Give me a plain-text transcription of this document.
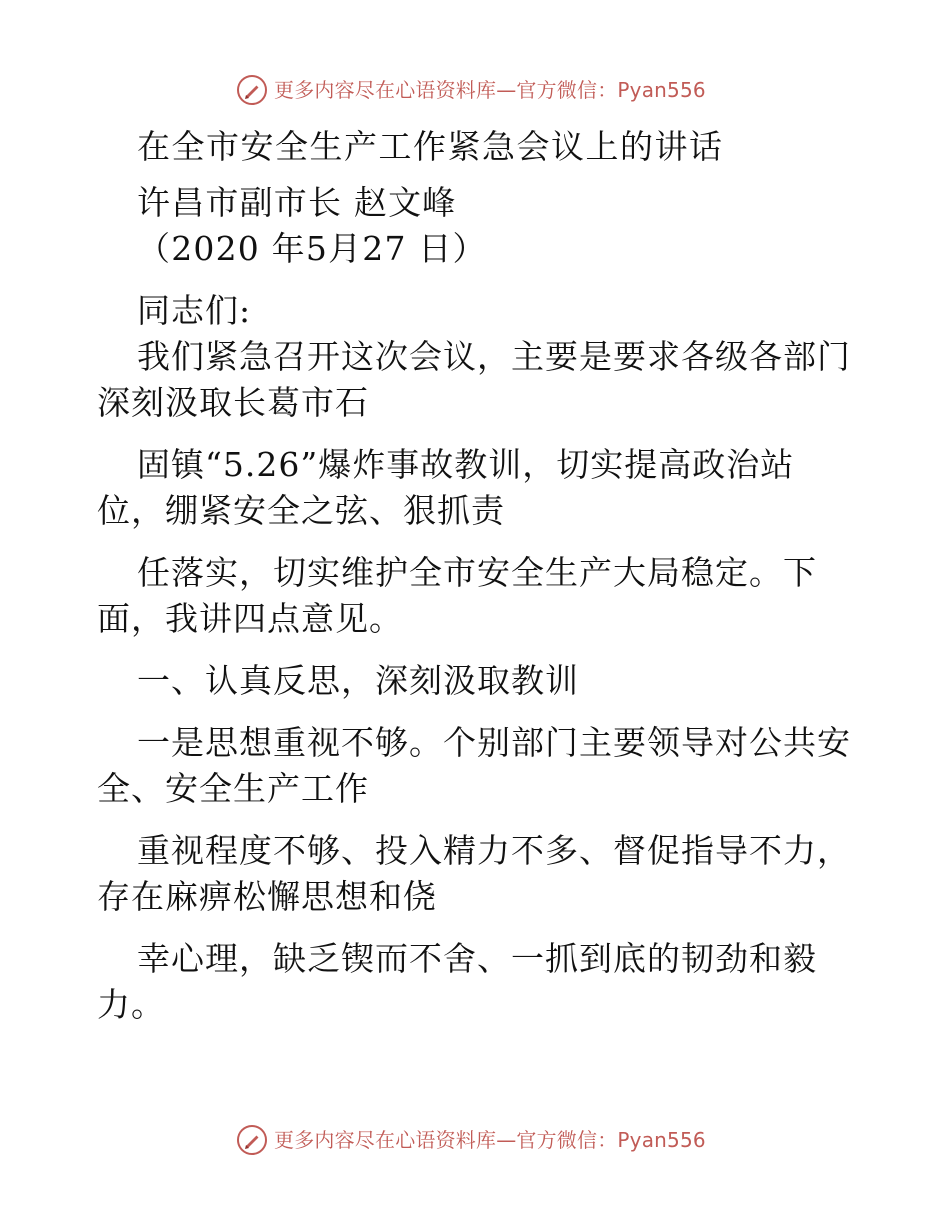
更多内容尽在心语资料库—官方微信：Pyan556
在全市安全生产工作紧急会议上的讲话
许昌市副市长 赵文峰
（2020 年5月27 日）
同志们:
我们紧急召开这次会议，主要是要求各级各部门
深刻汲取长葛市石
固镇“5.26”爆炸事故教训，切实提高政治站
位，绷紧安全之弦、狠抓责
任落实，切实维护全市安全生产大局稳定。下
面，我讲四点意见。
一、认真反思，深刻汲取教训
一是思想重视不够。个别部门主要领导对公共安
全、安全生产工作
重视程度不够、投入精力不多、督促指导不力，
存在麻痹松懈思想和侥
幸心理，缺乏锲而不舍、一抓到底的韧劲和毅
力。
更多内容尽在心语资料库—官方微信：Pyan556
